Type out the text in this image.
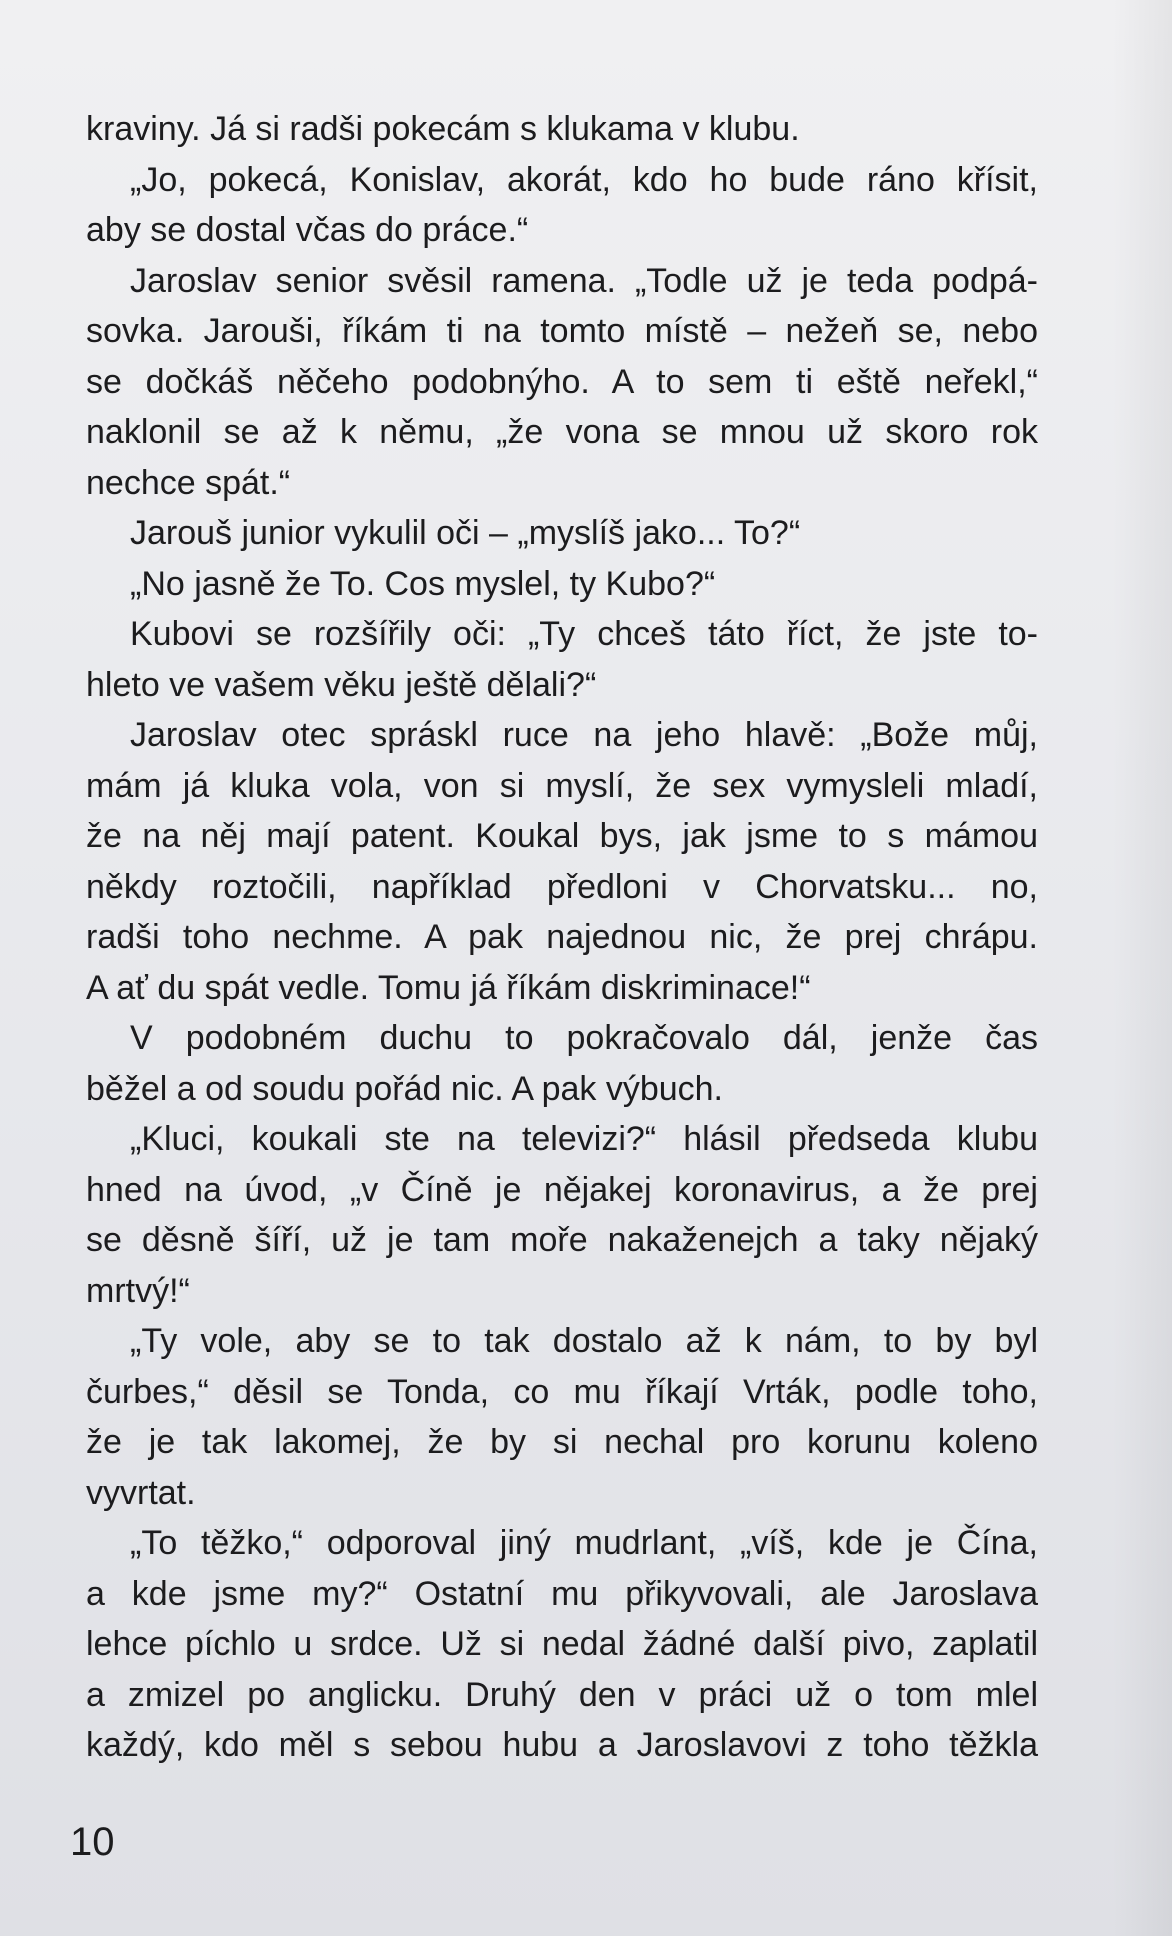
kraviny. Já si radši pokecám s klukama v klubu.
„Jo, pokecá, Konislav, akorát, kdo ho bude ráno křísit,
aby se dostal včas do práce.“
Jaroslav senior svěsil ramena. „Todle už je teda podpá-
sovka. Jarouši, říkám ti na tomto místě – nežeň se, nebo
se dočkáš něčeho podobnýho. A to sem ti eště neřekl,“
naklonil se až k němu, „že vona se mnou už skoro rok
nechce spát.“
Jarouš junior vykulil oči – „myslíš jako... To?“
„No jasně že To. Cos myslel, ty Kubo?“
Kubovi se rozšířily oči: „Ty chceš táto říct, že jste to-
hleto ve vašem věku ještě dělali?“
Jaroslav otec spráskl ruce na jeho hlavě: „Bože můj,
mám já kluka vola, von si myslí, že sex vymysleli mladí,
že na něj mají patent. Koukal bys, jak jsme to s mámou
někdy roztočili, například předloni v Chorvatsku... no,
radši toho nechme. A pak najednou nic, že prej chrápu.
A ať du spát vedle. Tomu já říkám diskriminace!“
V podobném duchu to pokračovalo dál, jenže čas
běžel a od soudu pořád nic. A pak výbuch.
„Kluci, koukali ste na televizi?“ hlásil předseda klubu
hned na úvod, „v Číně je nějakej koronavirus, a že prej
se děsně šíří, už je tam moře nakaženejch a taky nějaký
mrtvý!“
„Ty vole, aby se to tak dostalo až k nám, to by byl
čurbes,“ děsil se Tonda, co mu říkají Vrták, podle toho,
že je tak lakomej, že by si nechal pro korunu koleno
vyvrtat.
„To těžko,“ odporoval jiný mudrlant, „víš, kde je Čína,
a kde jsme my?“ Ostatní mu přikyvovali, ale Jaroslava
lehce píchlo u srdce. Už si nedal žádné další pivo, zaplatil
a zmizel po anglicku. Druhý den v práci už o tom mlel
každý, kdo měl s sebou hubu a Jaroslavovi z toho těžkla
10
